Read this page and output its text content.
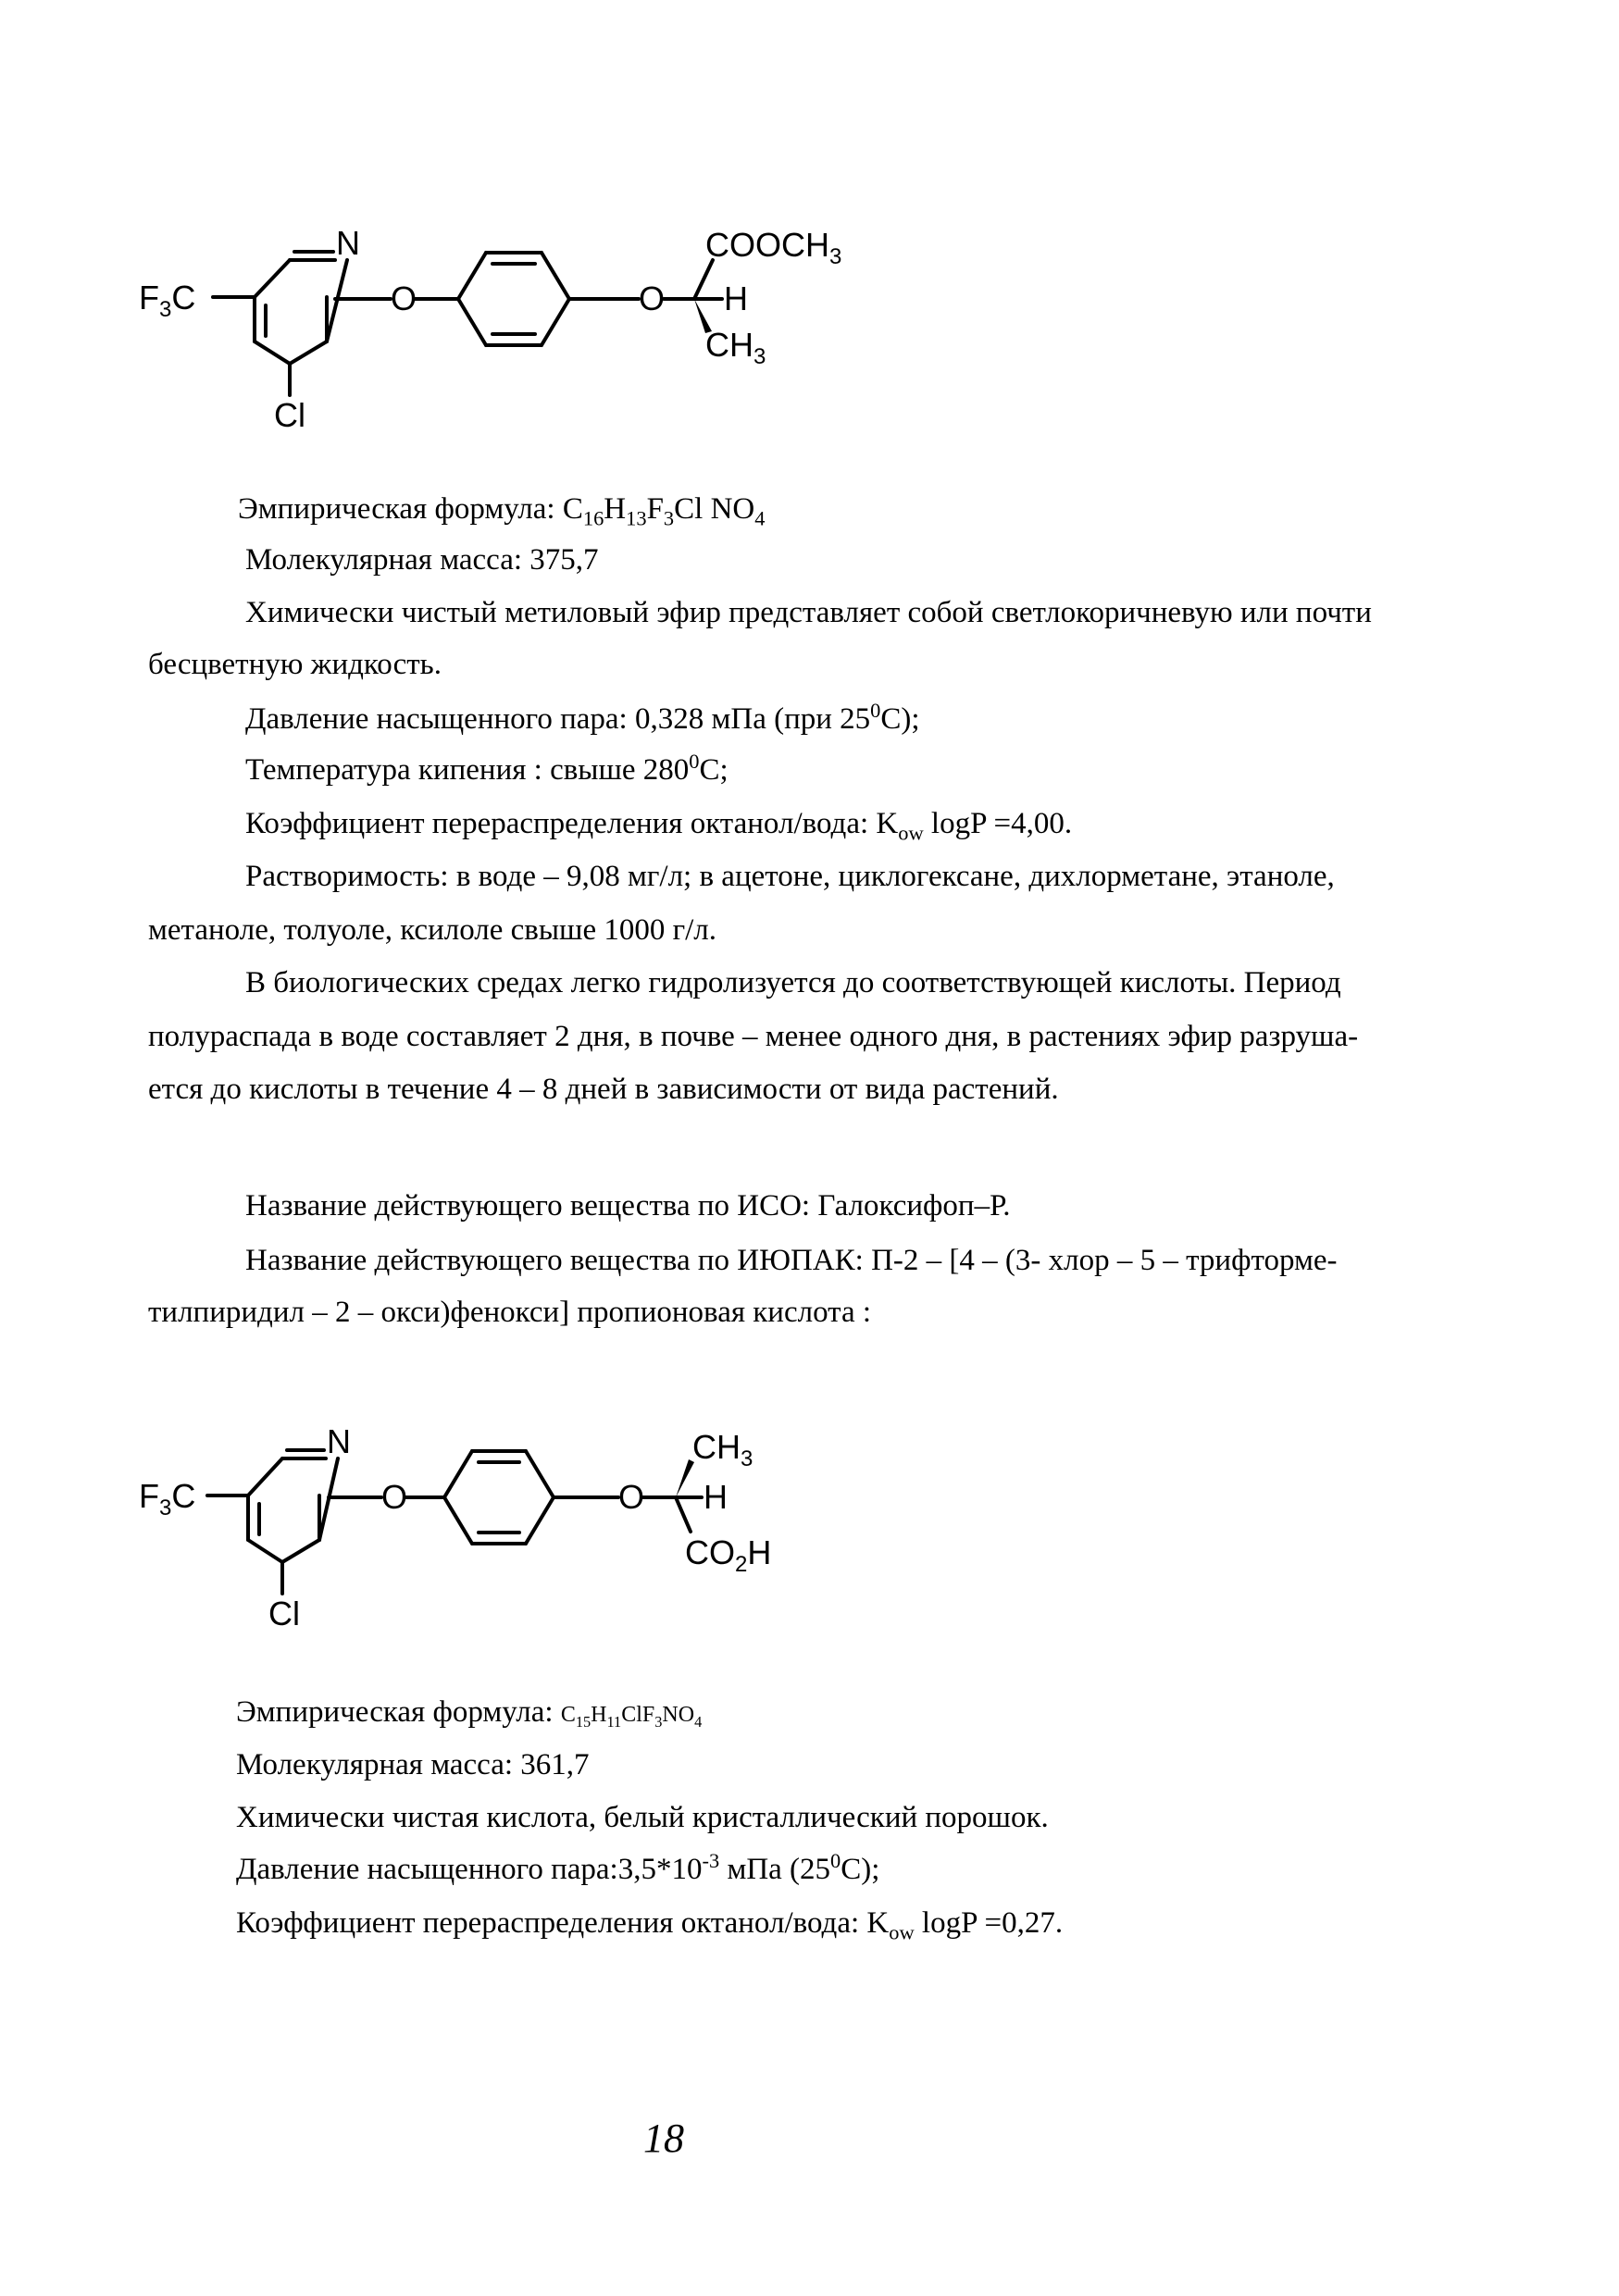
$F_3C$
N
O	O
$COOCH_3$
H
$CH_3$
Cl
Эмпирическая формула: $C_{16}H_{13}F_3Cl$ $NO_4$
Молекулярная масса: 375,7
Химически чистый метиловый эфир представляет собой светлокоричневую или почти
бесцветную жидкость.
Давление насыщенного пара: 0,328 мПа (при $25^0C$);
Температура кипения : свыше $280^0C$;
Коэффициент перераспределения октанол/вода: $K_{ow}$ logP =4,00.
Растворимость: в воде – 9,08 мг/л; в ацетоне, циклогексане, дихлорметане, этаноле,
метаноле, толуоле, ксилоле свыше 1000 г/л.
В биологических средах легко гидролизуется до соответствующей кислоты. Период
полураспада в воде составляет 2 дня, в почве – менее одного дня, в растениях эфир разруша-
ется до кислоты в течение 4 – 8 дней в зависимости от вида растений.
Название действующего вещества по ИСО: Галоксифоп–Р.
Название действующего вещества по ИЮПАК: П-2 – [4 – (3- хлор – 5 – трифторме-
тилпиридил – 2 – окси)фенокси] пропионовая кислота :
$F_3C$
N
O	O
$CH_3$
H
$CO_2H$
Cl
Эмпирическая формула: $C_{15}H_{11}ClF_3NO_4$
Молекулярная масса: 361,7
Химически чистая кислота, белый кристаллический порошок.
Давление насыщенного $пара:3,5*10^{-3}$ мПа $(25^0C)$;
Коэффициент перераспределения октанол/вода: $K_{ow}$ logP =0,27.
18
